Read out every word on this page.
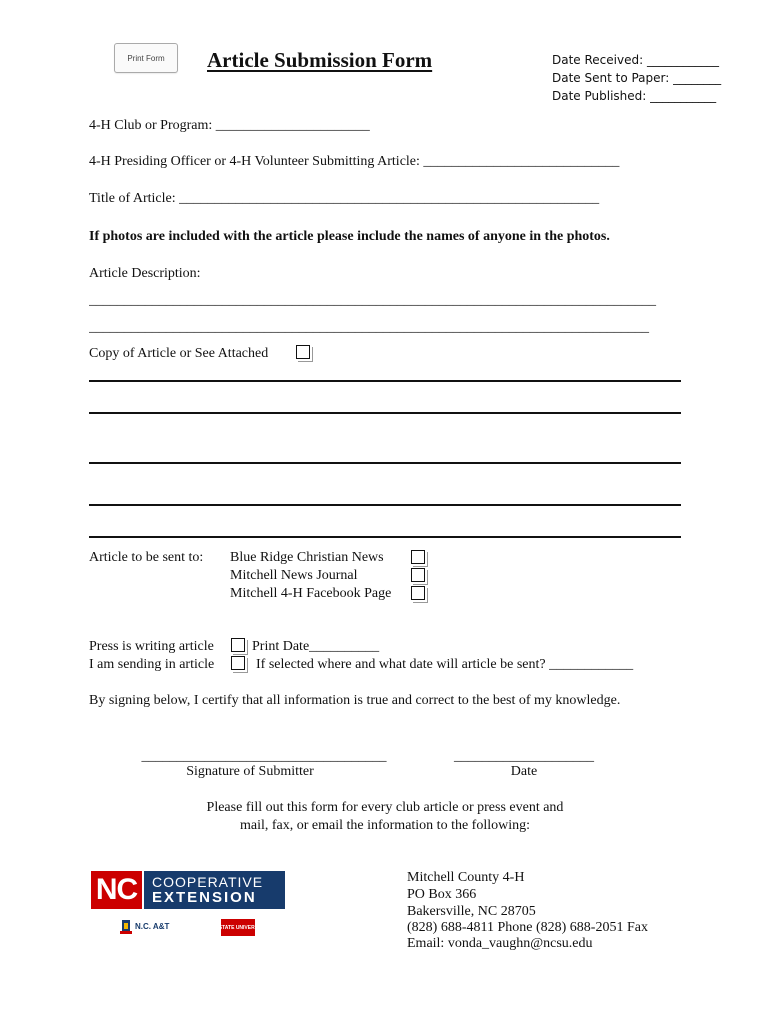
Print Form	Article Submission Form	Date Received: ____________
Date Sent to Paper: ________
Date Published: ___________
4-H Club or Program: ______________________
4-H Presiding Officer or 4-H Volunteer Submitting Article: ____________________________
Title of Article: ____________________________________________________________
If photos are included with the article please include the names of anyone in the photos.
Article Description:
_________________________________________________________________________________
________________________________________________________________________________
Copy of Article or See Attached
Article to be sent to: Blue Ridge Christian News
Mitchell News Journal
Mitchell 4-H Facebook Page
Press is writing article	Print Date__________
I am sending in article	If selected where and what date will article be sent? ____________
By signing below, I certify that all information is true and correct to the best of my knowledge.
___________________________________
Signature of Submitter
____________________
Date
Please fill out this form for every club article or press event and
mail, fax, or email the information to the following:
NC	COOPERATIVE
EXTENSION
N.C. A&T	NC STATE UNIVERSITY
Mitchell County 4-H
PO Box 366
Bakersville, NC 28705
(828) 688-4811 Phone (828) 688-2051 Fax
Email: vonda_vaughn@ncsu.edu
